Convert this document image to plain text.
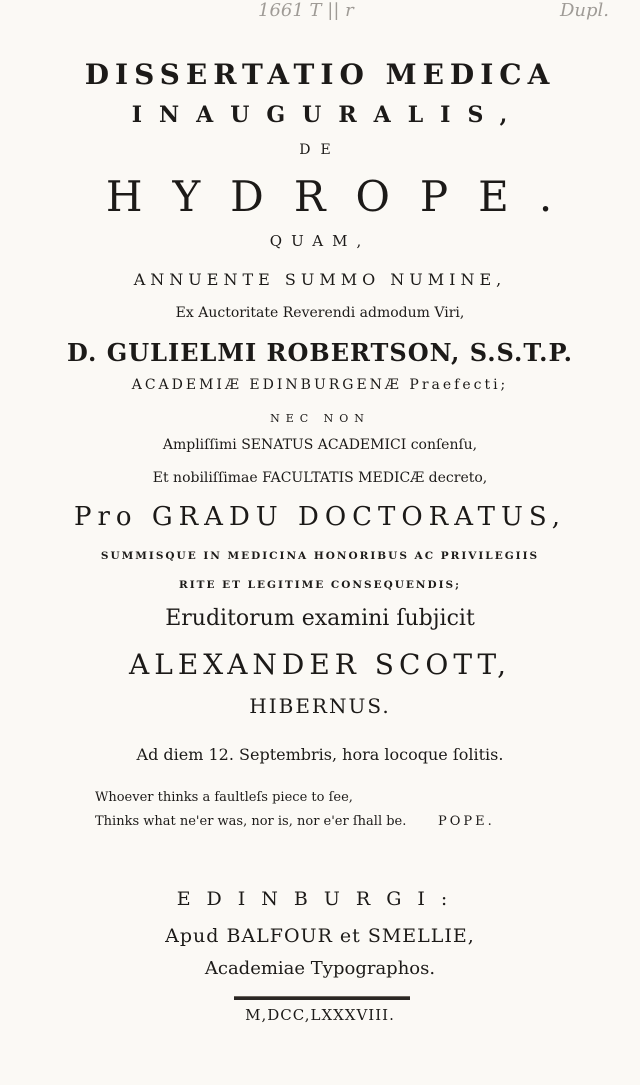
1661 T || r	Dupl.
DISSERTATIO MEDICA
INAUGURALIS,
DE
HYDROPE.
QUAM,
ANNUENTE SUMMO NUMINE,
Ex Auctoritate Reverendi admodum Viri,
D. GULIELMI ROBERTSON, S.S.T.P.
ACADEMIÆ EDINBURGENÆ Praefecti;
NEC NON
Ampliſſimi SENATUS ACADEMICI conſenſu,
Et nobiliſſimae FACULTATIS MEDICÆ decreto,
Pro GRADU DOCTORATUS,
SUMMISQUE IN MEDICINA HONORIBUS AC PRIVILEGIIS
RITE ET LEGITIME CONSEQUENDIS;
Eruditorum examini ſubjicit
ALEXANDER SCOTT,
HIBERNUS.
Ad diem 12. Septembris, hora locoque ſolitis.
Whoever thinks a faultleſs piece to ſee,
Thinks what ne'er was, nor is, nor e'er ſhall be. POPE.
EDINBURGI:
Apud BALFOUR et SMELLIE,
Academiae Typographos.
M,DCC,LXXXVIII.
